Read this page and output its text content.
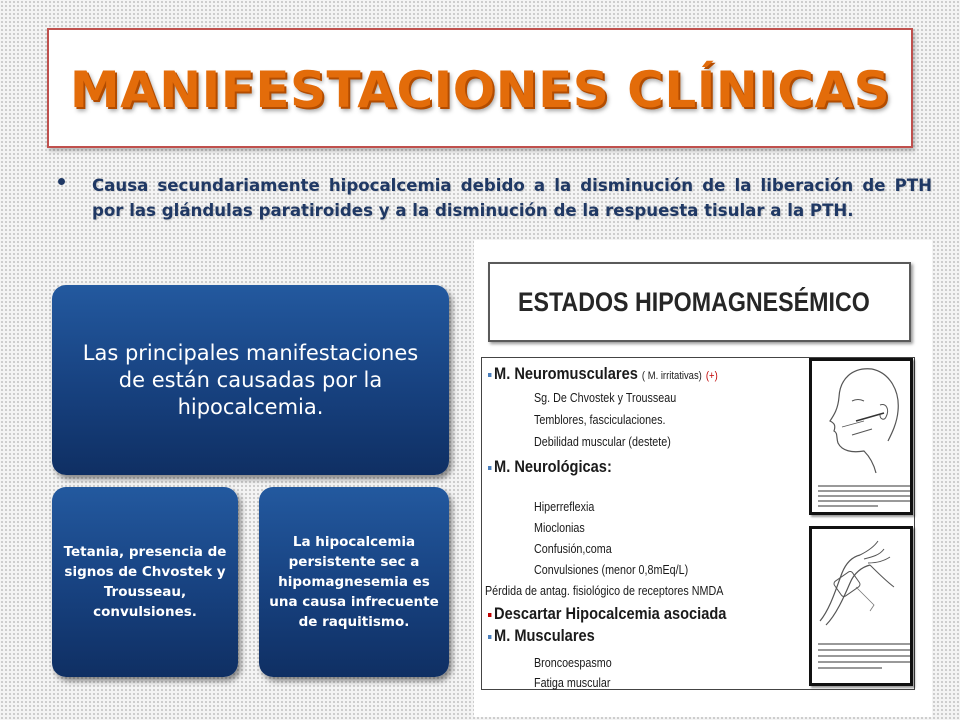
MANIFESTACIONES CLÍNICAS
Causa secundariamente hipocalcemia debido a la disminución de la liberación de PTH por las glándulas paratiroides y a la disminución de la respuesta tisular a la PTH.
Las principales manifestaciones de están causadas por la hipocalcemia.
Tetania, presencia de signos de Chvostek y Trousseau, convulsiones.
La hipocalcemia persistente sec a hipomagnesemia es una causa infrecuente de raquitismo.
ESTADOS HIPOMAGNESÉMICO
M. Neuromusculares ( M. irritativas) (+)
Sg. De Chvostek y Trousseau
Temblores, fasciculaciones.
Debilidad muscular (destete)
M. Neurológicas:
Hiperreflexia
Mioclonias
Confusión,coma
Convulsiones (menor 0,8mEq/L)
Pérdida de antag. fisiológico de receptores NMDA
Descartar Hipocalcemia asociada
M. Musculares
Broncoespasmo
Fatiga muscular
